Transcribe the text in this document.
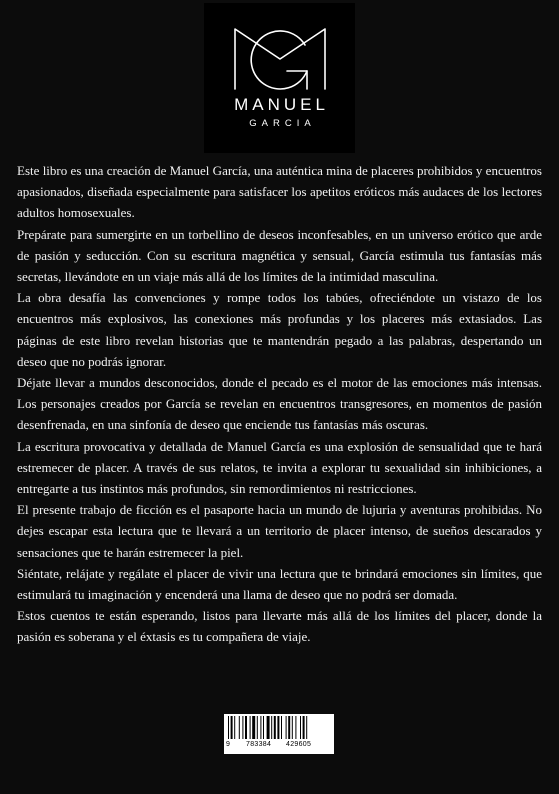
MANUEL
GARCIA

Este libro es una creación de Manuel García, una auténtica mina de placeres prohibidos y encuentros apasionados, diseñada especialmente para satisfacer los apetitos eróticos más audaces de los lectores adultos homosexuales.

Prepárate para sumergirte en un torbellino de deseos inconfesables, en un universo erótico que arde de pasión y seducción. Con su escritura magnética y sensual, García estimula tus fantasías más secretas, llevándote en un viaje más allá de los límites de la intimidad masculina.

La obra desafía las convenciones y rompe todos los tabúes, ofreciéndote un vistazo de los encuentros más explosivos, las conexiones más profundas y los placeres más extasiados. Las páginas de este libro revelan historias que te mantendrán pegado a las palabras, despertando un deseo que no podrás ignorar.

Déjate llevar a mundos desconocidos, donde el pecado es el motor de las emociones más intensas. Los personajes creados por García se revelan en encuentros transgresores, en momentos de pasión desenfrenada, en una sinfonía de deseo que enciende tus fantasías más oscuras.

La escritura provocativa y detallada de Manuel García es una explosión de sensualidad que te hará estremecer de placer. A través de sus relatos, te invita a explorar tu sexualidad sin inhibiciones, a entregarte a tus instintos más profundos, sin remordimientos ni restricciones.

El presente trabajo de ficción es el pasaporte hacia un mundo de lujuria y aventuras prohibidas. No dejes escapar esta lectura que te llevará a un territorio de placer intenso, de sueños descarados y sensaciones que te harán estremecer la piel.

Siéntate, relájate y regálate el placer de vivir una lectura que te brindará emociones sin límites, que estimulará tu imaginación y encenderá una llama de deseo que no podrá ser domada.

Estos cuentos te están esperando, listos para llevarte más allá de los límites del placer, donde la pasión es soberana y el éxtasis es tu compañera de viaje.

9 783384 429605
